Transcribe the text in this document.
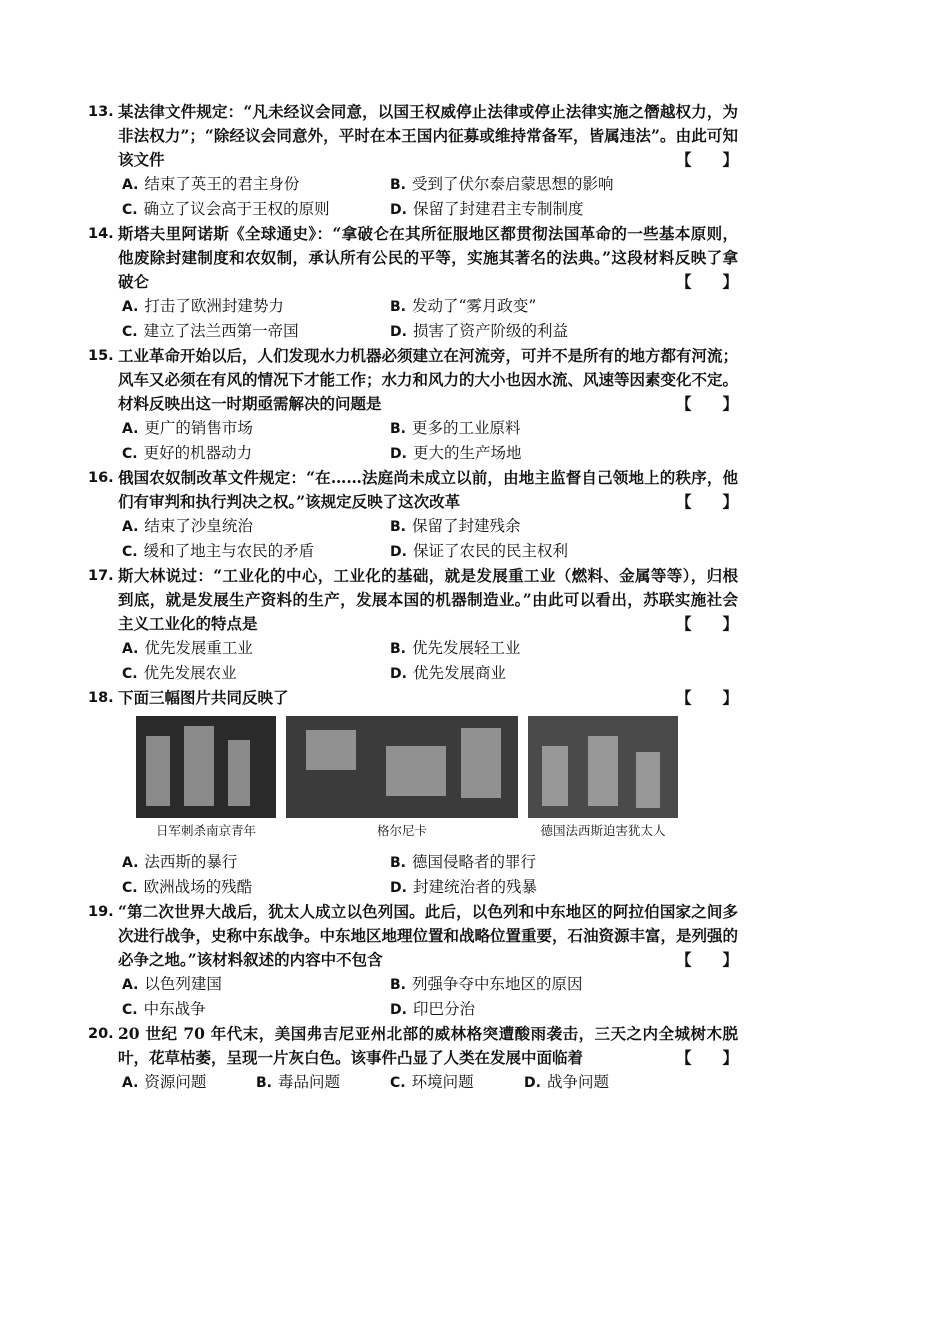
13. 某法律文件规定：“凡未经议会同意，以国王权威停止法律或停止法律实施之僭越权力，为非法权力”；“除经议会同意外，平时在本王国内征募或维持常备军，皆属违法”。由此可知该文件	【 】
A. 结束了英王的君主身份	B. 受到了伏尔泰启蒙思想的影响
C. 确立了议会高于王权的原则	D. 保留了封建君主专制制度
14. 斯塔夫里阿诺斯《全球通史》：“拿破仑在其所征服地区都贯彻法国革命的一些基本原则，他废除封建制度和农奴制，承认所有公民的平等，实施其著名的法典。”这段材料反映了拿破仑	【 】
A. 打击了欧洲封建势力	B. 发动了“雾月政变”
C. 建立了法兰西第一帝国	D. 损害了资产阶级的利益
15. 工业革命开始以后，人们发现水力机器必须建立在河流旁，可并不是所有的地方都有河流；风车又必须在有风的情况下才能工作；水力和风力的大小也因水流、风速等因素变化不定。材料反映出这一时期亟需解决的问题是	【 】
A. 更广的销售市场	B. 更多的工业原料
C. 更好的机器动力	D. 更大的生产场地
16. 俄国农奴制改革文件规定：“在……法庭尚未成立以前，由地主监督自己领地上的秩序，他们有审判和执行判决之权。”该规定反映了这次改革	【 】
A. 结束了沙皇统治	B. 保留了封建残余
C. 缓和了地主与农民的矛盾	D. 保证了农民的民主权利
17. 斯大林说过：“工业化的中心，工业化的基础，就是发展重工业（燃料、金属等等），归根到底，就是发展生产资料的生产，发展本国的机器制造业。”由此可以看出，苏联实施社会主义工业化的特点是	【 】
A. 优先发展重工业	B. 优先发展轻工业
C. 优先发展农业	D. 优先发展商业
18. 下面三幅图片共同反映了	【 】
日军刺杀南京青年	格尔尼卡	德国法西斯迫害犹太人
A. 法西斯的暴行	B. 德国侵略者的罪行
C. 欧洲战场的残酷	D. 封建统治者的残暴
19. “第二次世界大战后，犹太人成立以色列国。此后，以色列和中东地区的阿拉伯国家之间多次进行战争，史称中东战争。中东地区地理位置和战略位置重要，石油资源丰富，是列强的必争之地。”该材料叙述的内容中不包含	【 】
A. 以色列建国	B. 列强争夺中东地区的原因
C. 中东战争	D. 印巴分治
20. 20 世纪 70 年代末，美国弗吉尼亚州北部的威林格突遭酸雨袭击，三天之内全城树木脱叶，花草枯萎，呈现一片灰白色。该事件凸显了人类在发展中面临着	【 】
A. 资源问题	B. 毒品问题	C. 环境问题	D. 战争问题
